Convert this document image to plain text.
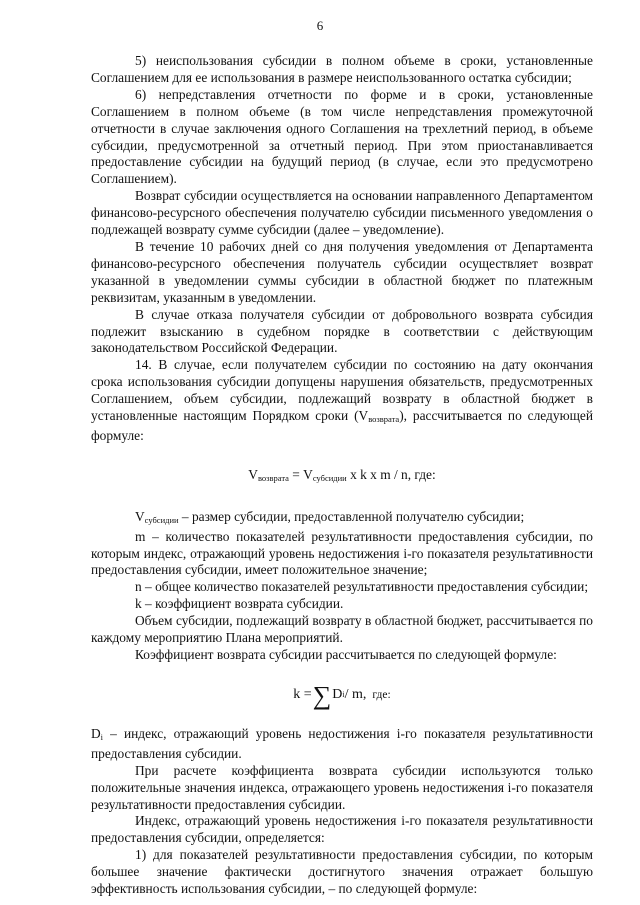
6

5) неиспользования субсидии в полном объеме в сроки, установленные Соглашением для ее использования в размере неиспользованного остатка субсидии;

6) непредставления отчетности по форме и в сроки, установленные Соглашением в полном объеме (в том числе непредставления промежуточной отчетности в случае заключения одного Соглашения на трехлетний период, в объеме субсидии, предусмотренной за отчетный период. При этом приостанавливается предоставление субсидии на будущий период (в случае, если это предусмотрено Соглашением).

Возврат субсидии осуществляется на основании направленного Департаментом финансово-ресурсного обеспечения получателю субсидии письменного уведомления о подлежащей возврату сумме субсидии (далее – уведомление).

В течение 10 рабочих дней со дня получения уведомления от Департамента финансово-ресурсного обеспечения получатель субсидии осуществляет возврат указанной в уведомлении суммы субсидии в областной бюджет по платежным реквизитам, указанным в уведомлении.

В случае отказа получателя субсидии от добровольного возврата субсидия подлежит взысканию в судебном порядке в соответствии с действующим законодательством Российской Федерации.

14. В случае, если получателем субсидии по состоянию на дату окончания срока использования субсидии допущены нарушения обязательств, предусмотренных Соглашением, объем субсидии, подлежащий возврату в областной бюджет в установленные настоящим Порядком сроки (Vвозврата), рассчитывается по следующей формуле:

$V_{возврата} = V_{субсидии}$ x k x m / n, где:

Vсубсидии – размер субсидии, предоставленной получателю субсидии;

m – количество показателей результативности предоставления субсидии, по которым индекс, отражающий уровень недостижения i-го показателя результативности предоставления субсидии, имеет положительное значение;

n – общее количество показателей результативности предоставления субсидии;

k – коэффициент возврата субсидии.

Объем субсидии, подлежащий возврату в областной бюджет, рассчитывается по каждому мероприятию Плана мероприятий.

Коэффициент возврата субсидии рассчитывается по следующей формуле:

k = ∑ D i / m, где:

Di – индекс, отражающий уровень недостижения i-го показателя результативности предоставления субсидии.

При расчете коэффициента возврата субсидии используются только положительные значения индекса, отражающего уровень недостижения i-го показателя результативности предоставления субсидии.

Индекс, отражающий уровень недостижения i-го показателя результативности предоставления субсидии, определяется:

1) для показателей результативности предоставления субсидии, по которым большее значение фактически достигнутого значения отражает большую эффективность использования субсидии, – по следующей формуле:
